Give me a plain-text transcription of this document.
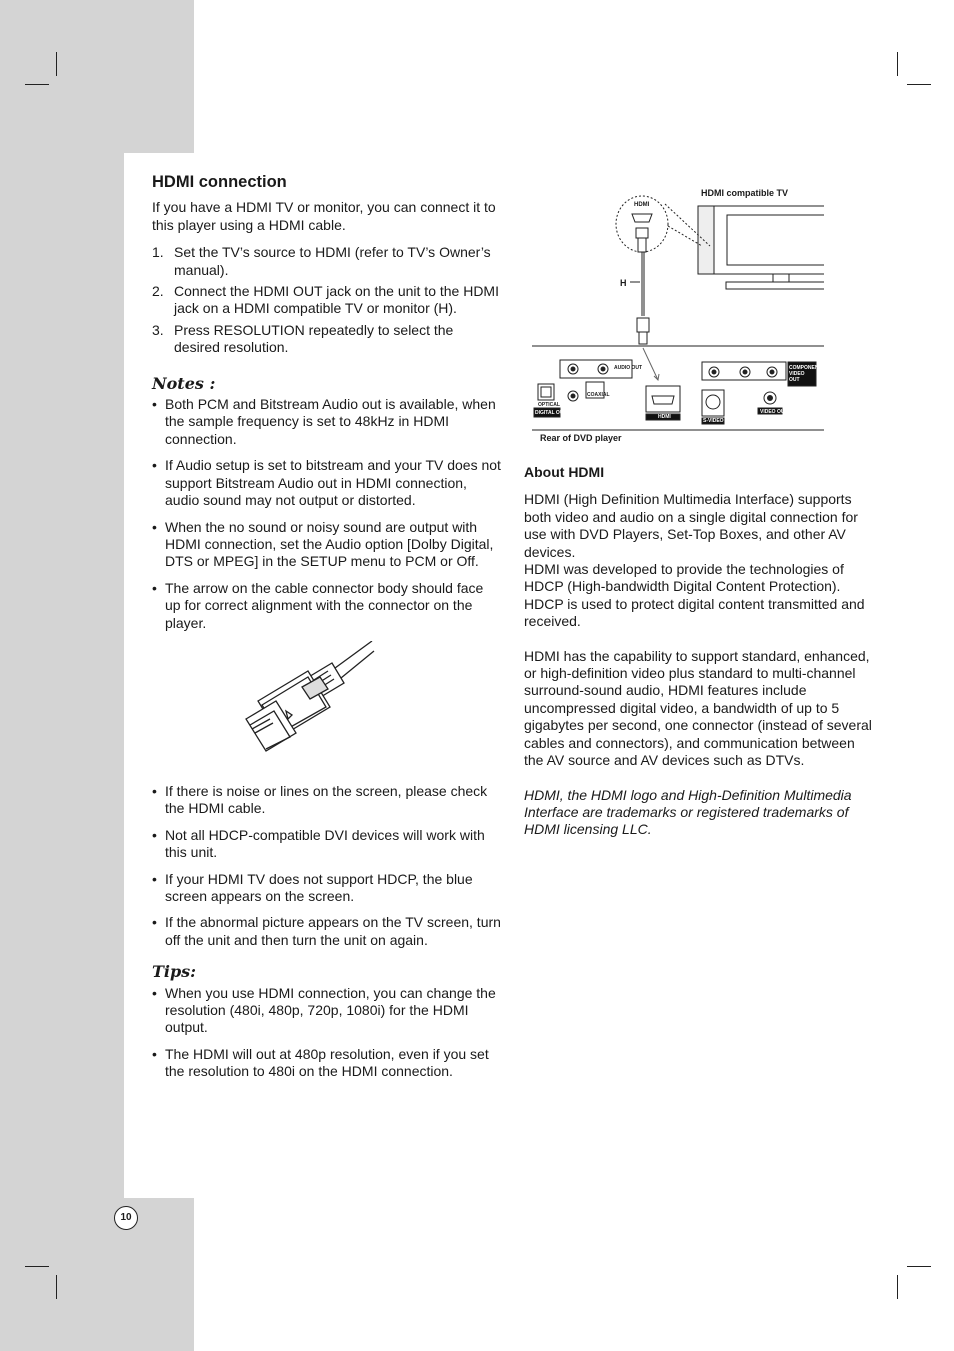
HDMI connection

If you have a HDMI TV or monitor, you can connect it to this player using a HDMI cable.

1. Set the TV’s source to HDMI (refer to TV’s Owner’s manual).
2. Connect the HDMI OUT jack on the unit to the HDMI jack on a HDMI compatible TV or monitor (H).
3. Press RESOLUTION repeatedly to select the desired resolution.
Notes :
• Both PCM and Bitstream Audio out is available, when the sample frequency is set to 48kHz in HDMI connection.
• If Audio setup is set to bitstream and your TV does not support Bitstream Audio out in HDMI connection, audio sound may not output or distorted.
• When the no sound or noisy sound are output with HDMI connection, set the Audio option [Dolby Digital, DTS or MPEG] in the SETUP menu to PCM or Off.
• The arrow on the cable connector body should face up for correct alignment with the connector on the player.
• If there is noise or lines on the screen, please check the HDMI cable.
• Not all HDCP-compatible DVI devices will work with this unit.
• If your HDMI TV does not support HDCP, the blue screen appears on the screen.
• If the abnormal picture appears on the TV screen, turn off the unit and then turn the unit on again.
Tips:
• When you use HDMI connection, you can change the resolution (480i, 480p, 720p, 1080i) for the HDMI output.
• The HDMI will out at 480p resolution, even if you set the resolution to 480i on the HDMI connection.
HDMI compatible TV
HDMI
H
Rear of DVD player
OPTICAL
DIGITAL OUT
COAXIAL
AUDIO OUT
HDMI
S-VIDEO OUT
VIDEO OUT
COMPONENT VIDEO OUT
About HDMI

HDMI (High Definition Multimedia Interface) supports both video and audio on a single digital connection for use with DVD Players, Set-Top Boxes, and other AV devices.

HDMI was developed to provide the technologies of HDCP (High-bandwidth Digital Content Protection). HDCP is used to protect digital content transmitted and received.

HDMI has the capability to support standard, enhanced, or high-definition video plus standard to multi-channel surround-sound audio, HDMI features include uncompressed digital video, a bandwidth of up to 5 gigabytes per second, one connector (instead of several cables and connectors), and communication between the AV source and AV devices such as DTVs.

HDMI, the HDMI logo and High-Definition Multimedia Interface are trademarks or registered trademarks of HDMI licensing LLC.

10
